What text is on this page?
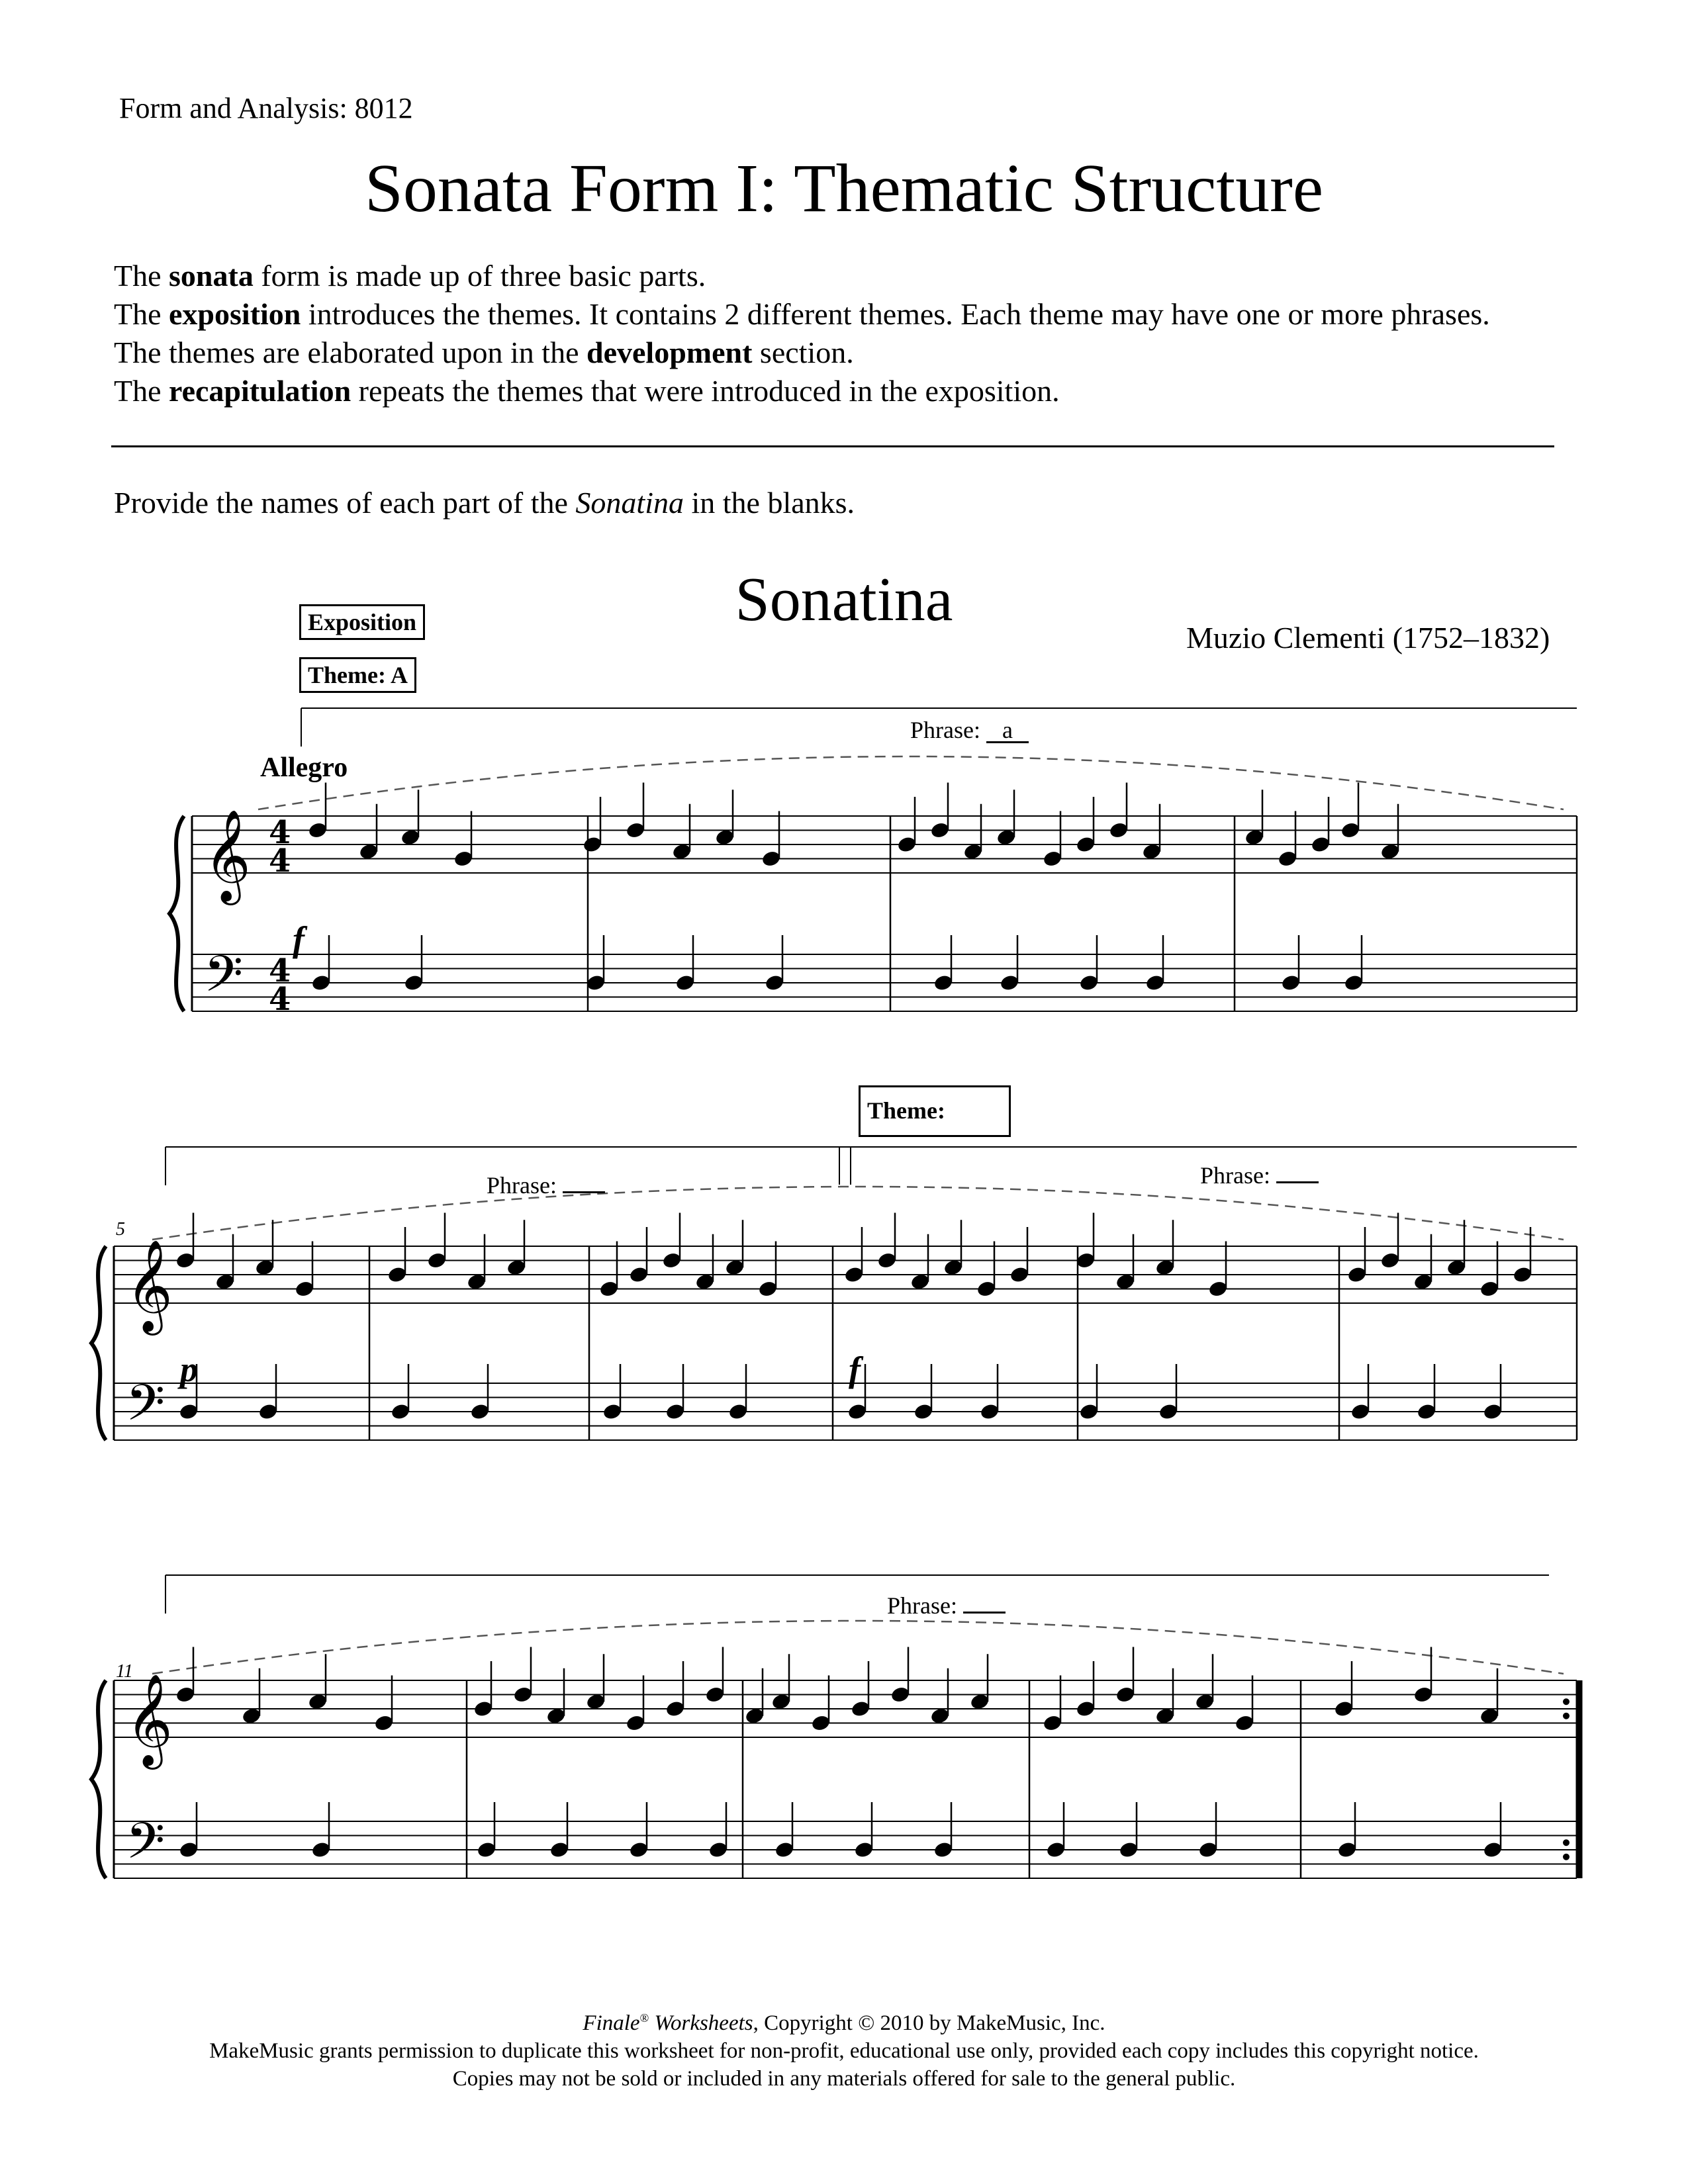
Form and Analysis: 8012
Sonata Form I: Thematic Structure
The sonata form is made up of three basic parts.
The exposition introduces the themes. It contains 2 different themes. Each theme may have one or more phrases.
The themes are elaborated upon in the development section.
The recapitulation repeats the themes that were introduced in the exposition.
Provide the names of each part of the Sonatina in the blanks.
𝄞
𝄢
4
4
4
4
𝄞
𝄢
𝄞
𝄢
Sonatina
Muzio Clementi (1752–1832)
Exposition
Theme: A
Theme:
Phrase: a
Phrase:	Phrase:
Phrase:
Allegro
5
11
f
p	f
Finale® Worksheets, Copyright © 2010 by MakeMusic, Inc.
MakeMusic grants permission to duplicate this worksheet for non-profit, educational use only, provided each copy includes this copyright notice.
Copies may not be sold or included in any materials offered for sale to the general public.
